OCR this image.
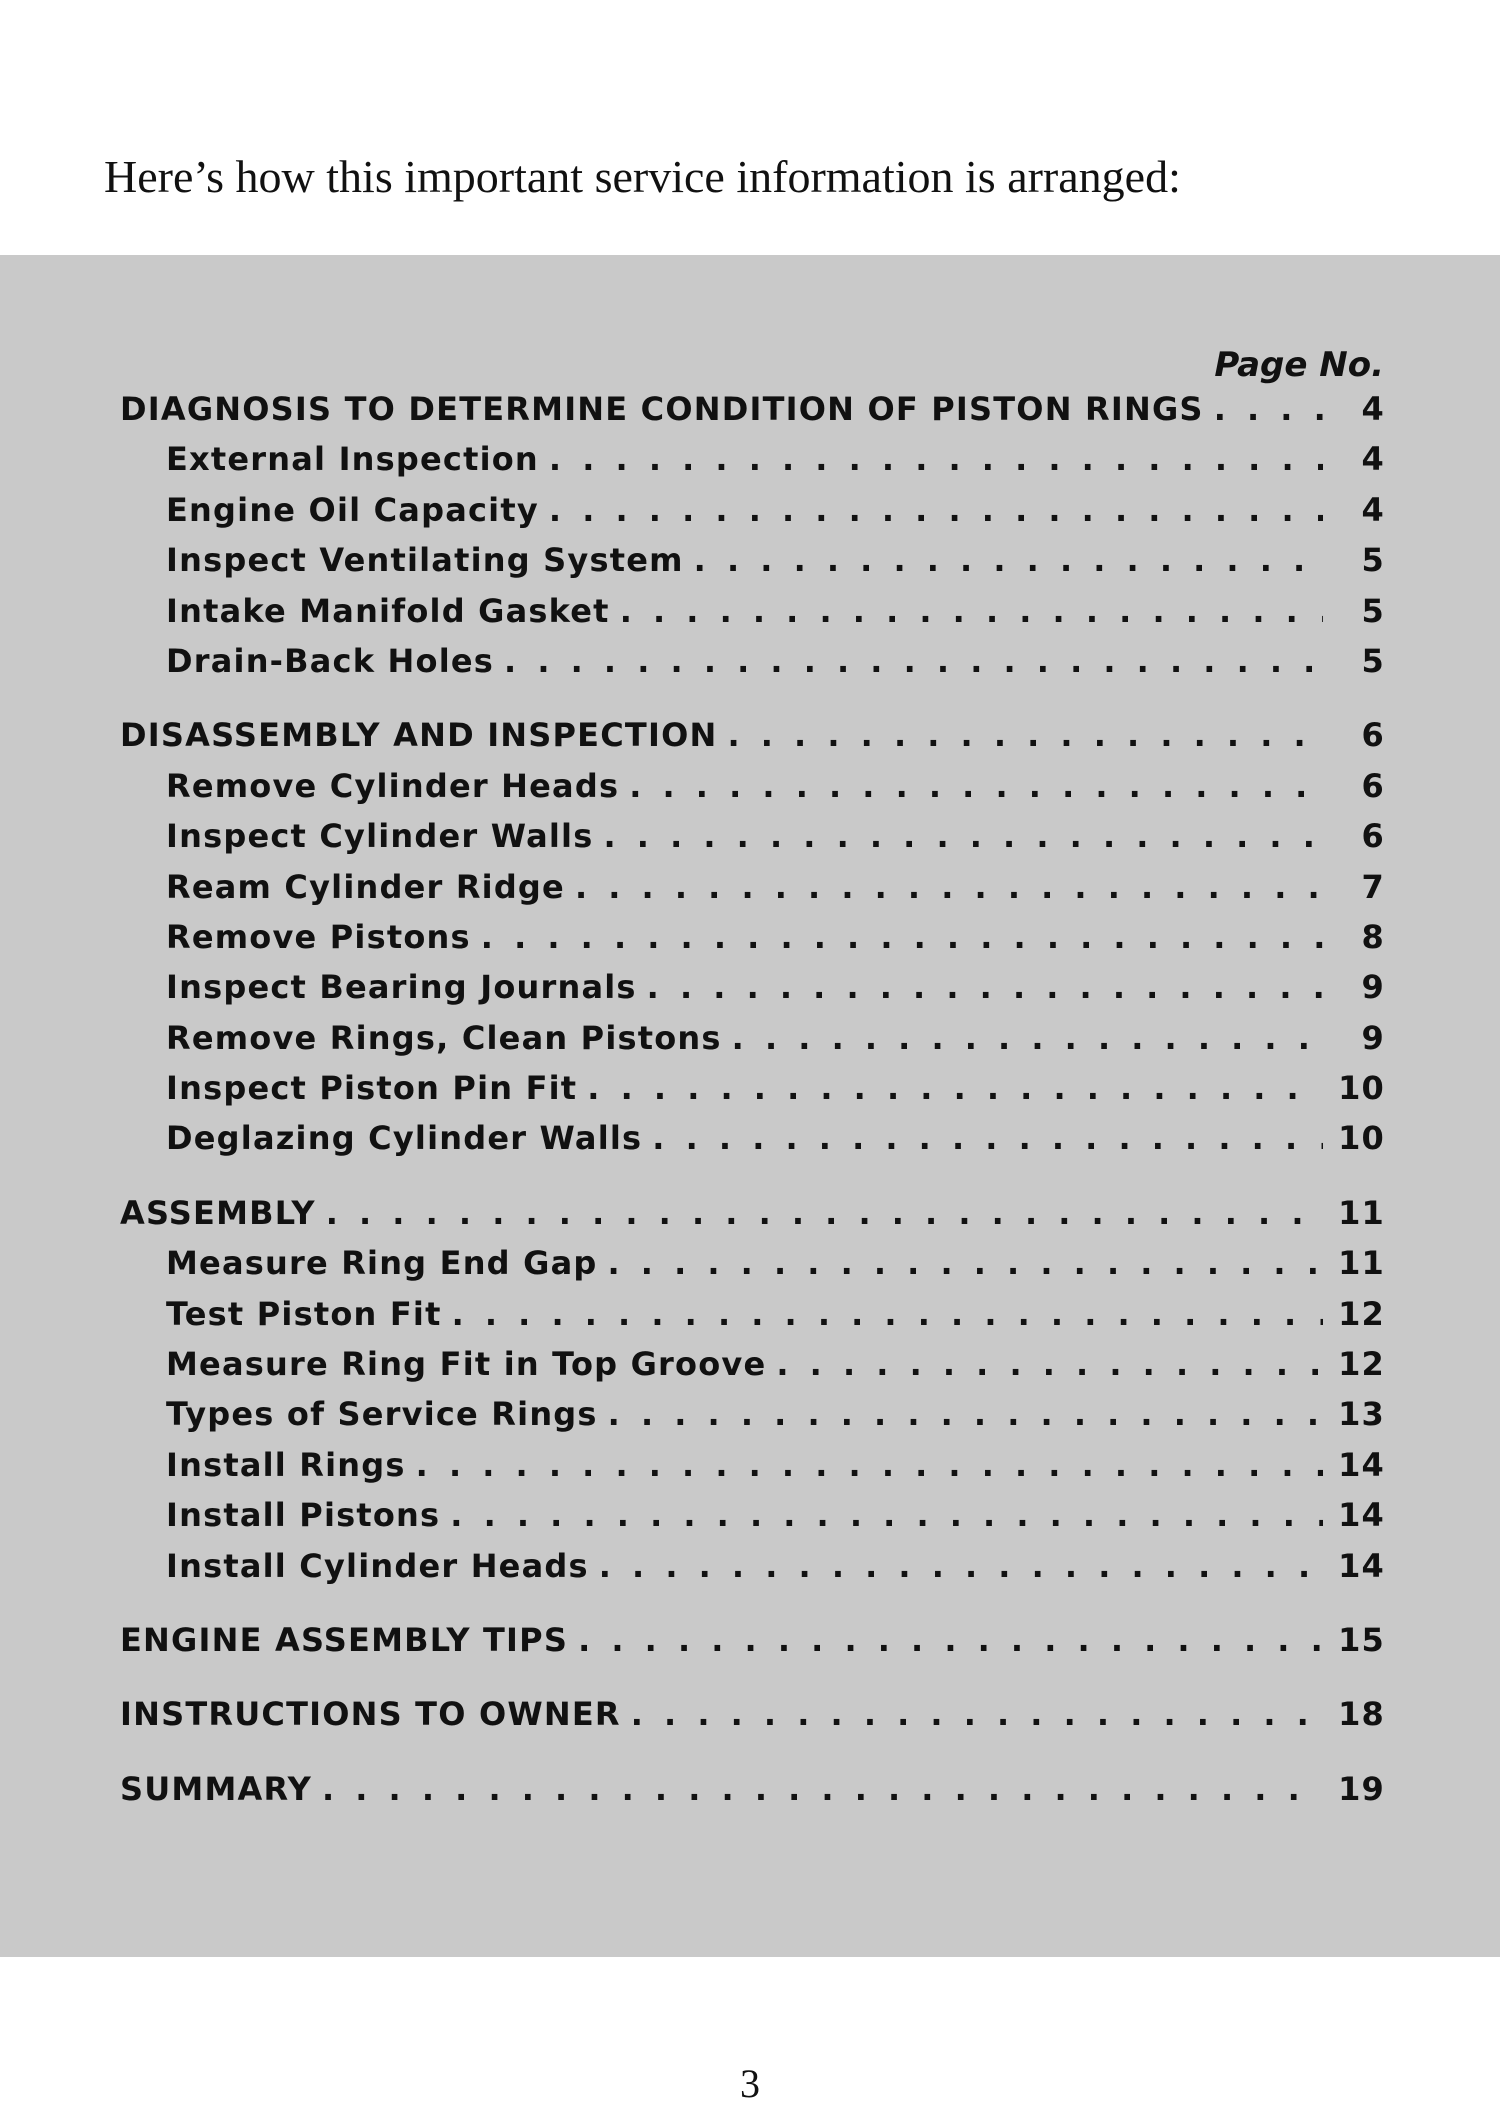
Here’s how this important service information is arranged:

Page No.
DIAGNOSIS TO DETERMINE CONDITION OF PISTON RINGS . . .	4
External Inspection . . .	4
Engine Oil Capacity . . .	4
Inspect Ventilating System . . .	5
Intake Manifold Gasket . . .	5
Drain-Back Holes . . .	5
DISASSEMBLY AND INSPECTION . . .	6
Remove Cylinder Heads . . .	6
Inspect Cylinder Walls . . .	6
Ream Cylinder Ridge . . .	7
Remove Pistons . . .	8
Inspect Bearing Journals . . .	9
Remove Rings, Clean Pistons . . .	9
Inspect Piston Pin Fit . . .	10
Deglazing Cylinder Walls . . .	10
ASSEMBLY . . .	11
Measure Ring End Gap . . .	11
Test Piston Fit . . .	12
Measure Ring Fit in Top Groove . . .	12
Types of Service Rings . . .	13
Install Rings . . .	14
Install Pistons . . .	14
Install Cylinder Heads . . .	14
ENGINE ASSEMBLY TIPS . . .	15
INSTRUCTIONS TO OWNER . . .	18
SUMMARY . . .	19
3
